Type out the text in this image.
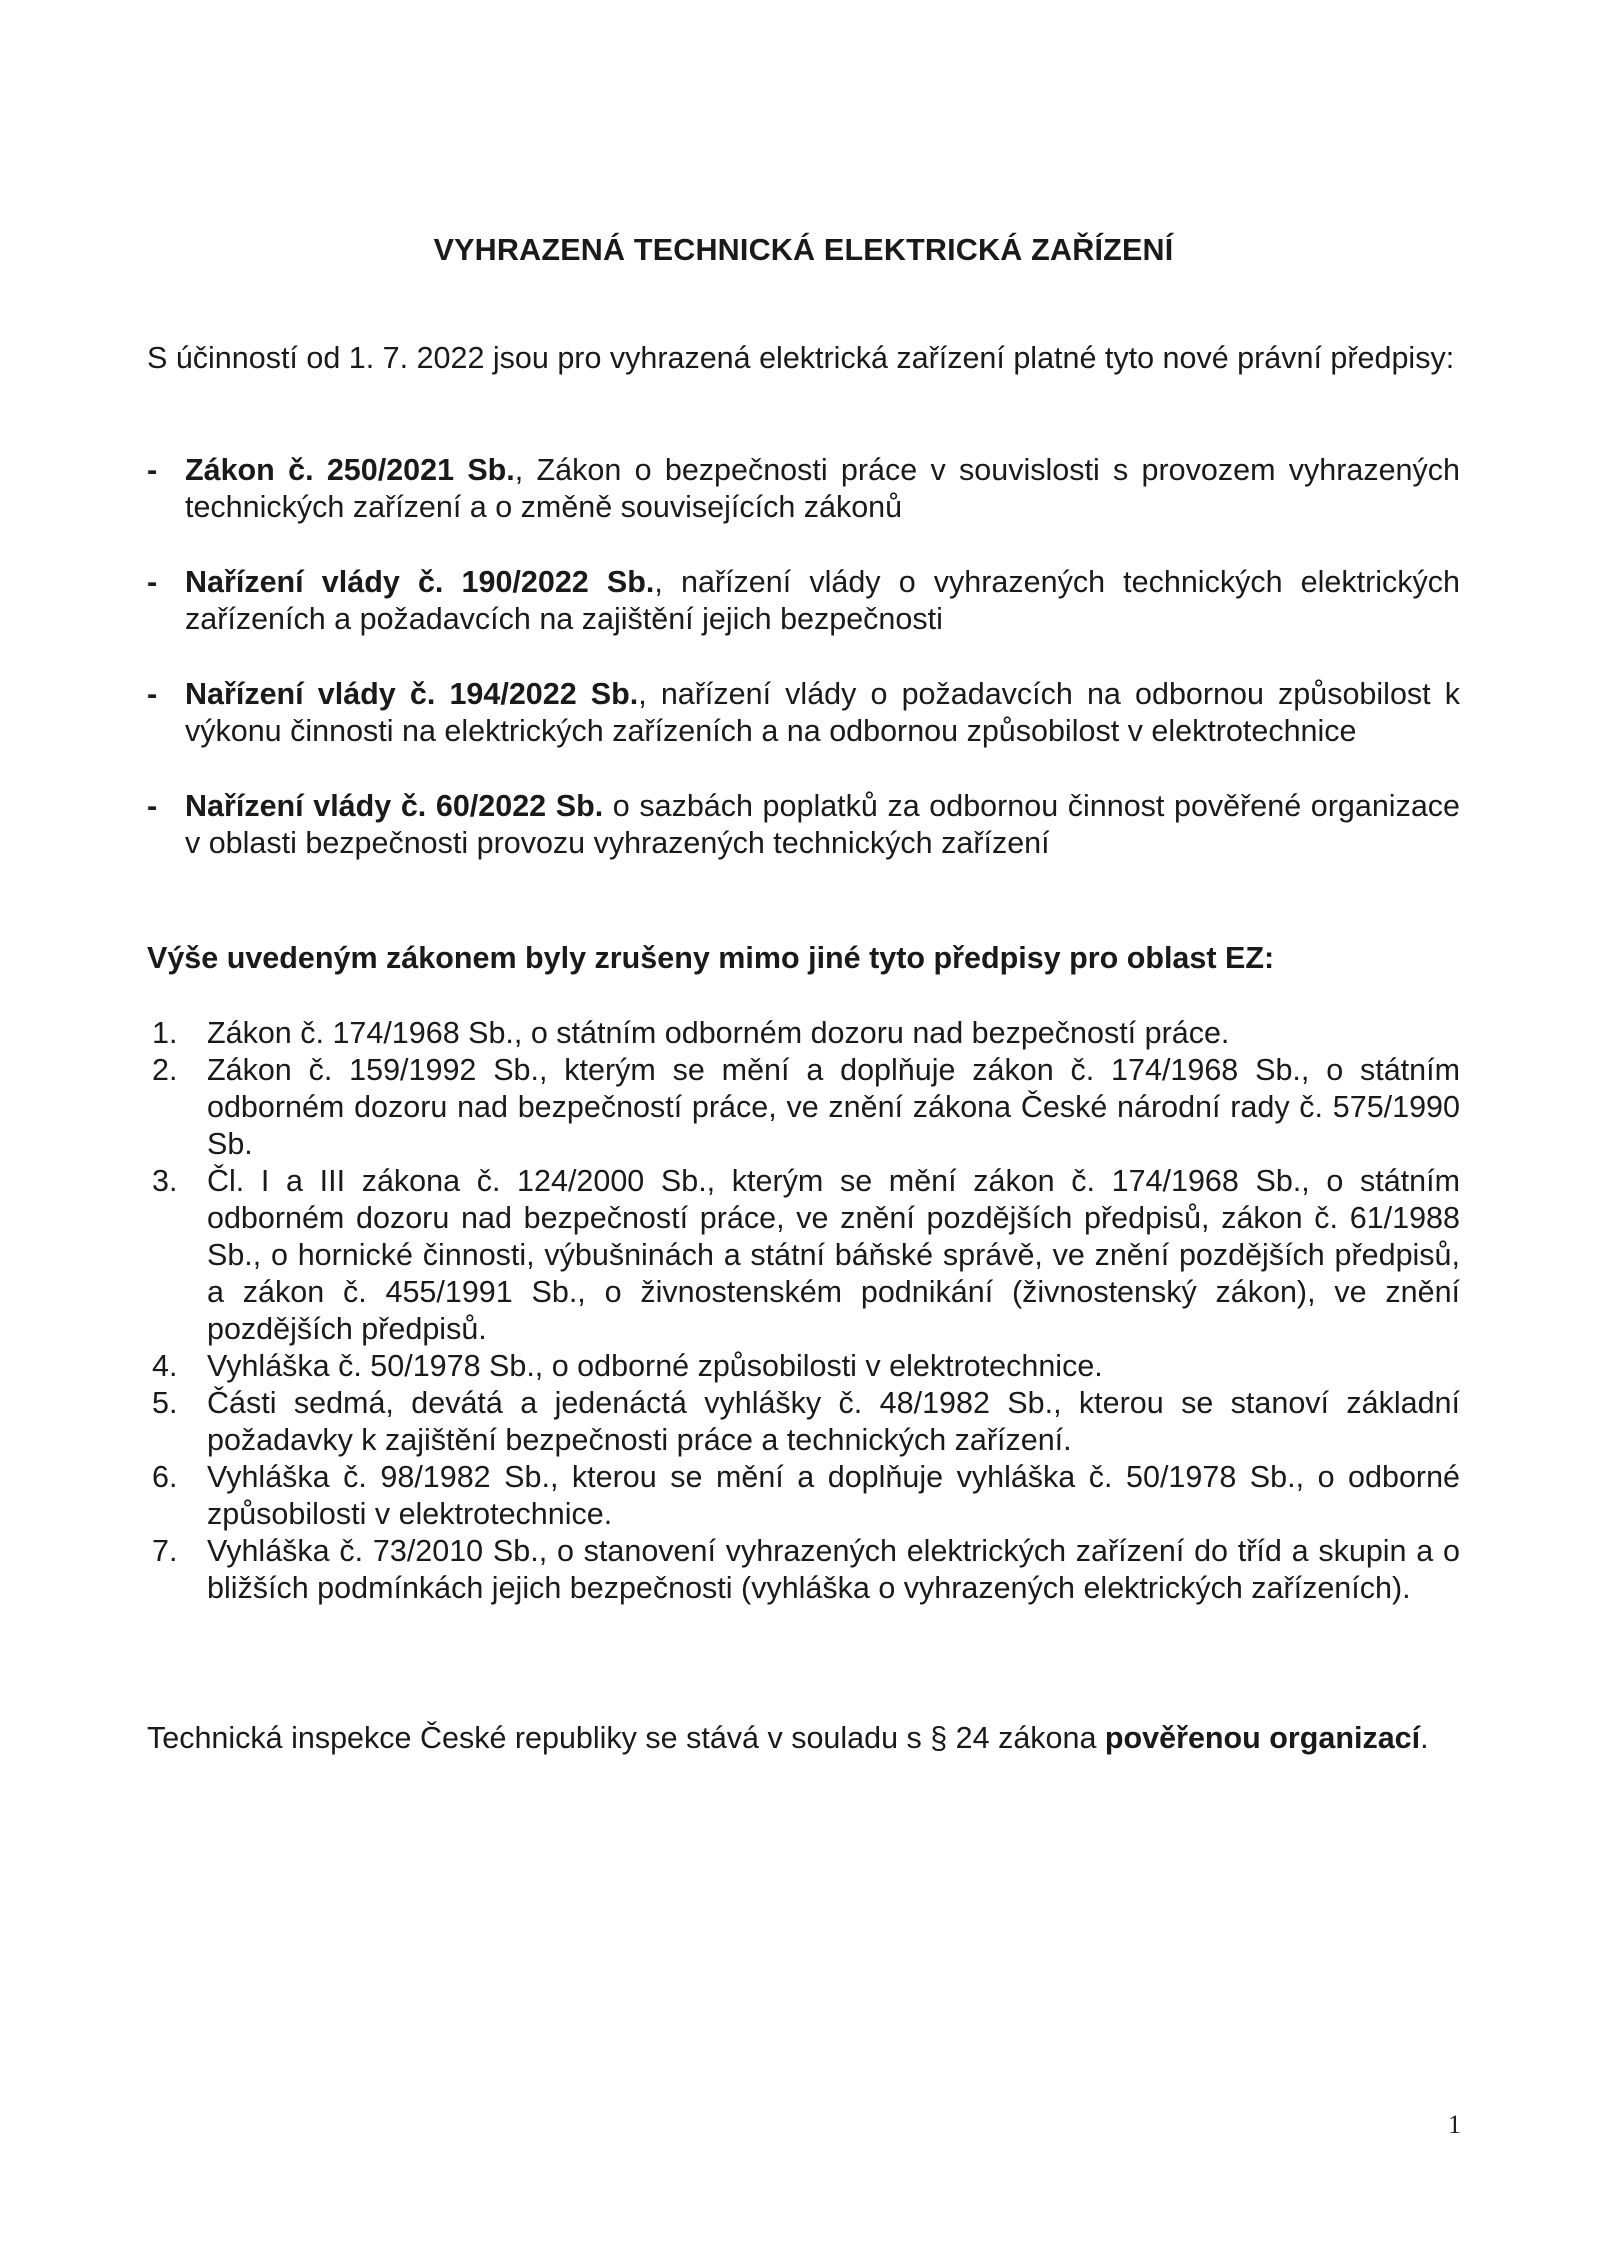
VYHRAZENÁ TECHNICKÁ ELEKTRICKÁ ZAŘÍZENÍ
S účinností od 1. 7. 2022 jsou pro vyhrazená elektrická zařízení platné tyto nové právní předpisy:
- Zákon č. 250/2021 Sb., Zákon o bezpečnosti práce v souvislosti s provozem vyhrazených technických zařízení a o změně souvisejících zákonů
- Nařízení vlády č. 190/2022 Sb., nařízení vlády o vyhrazených technických elektrických zařízeních a požadavcích na zajištění jejich bezpečnosti
- Nařízení vlády č. 194/2022 Sb., nařízení vlády o požadavcích na odbornou způsobilost k výkonu činnosti na elektrických zařízeních a na odbornou způsobilost v elektrotechnice
- Nařízení vlády č. 60/2022 Sb. o sazbách poplatků za odbornou činnost pověřené organizace v oblasti bezpečnosti provozu vyhrazených technických zařízení
Výše uvedeným zákonem byly zrušeny mimo jiné tyto předpisy pro oblast EZ:
1. Zákon č. 174/1968 Sb., o státním odborném dozoru nad bezpečností práce.
2. Zákon č. 159/1992 Sb., kterým se mění a doplňuje zákon č. 174/1968 Sb., o státním odborném dozoru nad bezpečností práce, ve znění zákona České národní rady č. 575/1990 Sb.
3. Čl. I a III zákona č. 124/2000 Sb., kterým se mění zákon č. 174/1968 Sb., o státním odborném dozoru nad bezpečností práce, ve znění pozdějších předpisů, zákon č. 61/1988 Sb., o hornické činnosti, výbušninách a státní báňské správě, ve znění pozdějších předpisů, a zákon č. 455/1991 Sb., o živnostenském podnikání (živnostenský zákon), ve znění pozdějších předpisů.
4. Vyhláška č. 50/1978 Sb., o odborné způsobilosti v elektrotechnice.
5. Části sedmá, devátá a jedenáctá vyhlášky č. 48/1982 Sb., kterou se stanoví základní požadavky k zajištění bezpečnosti práce a technických zařízení.
6. Vyhláška č. 98/1982 Sb., kterou se mění a doplňuje vyhláška č. 50/1978 Sb., o odborné způsobilosti v elektrotechnice.
7. Vyhláška č. 73/2010 Sb., o stanovení vyhrazených elektrických zařízení do tříd a skupin a o bližších podmínkách jejich bezpečnosti (vyhláška o vyhrazených elektrických zařízeních).
Technická inspekce České republiky se stává v souladu s § 24 zákona pověřenou organizací.
1
